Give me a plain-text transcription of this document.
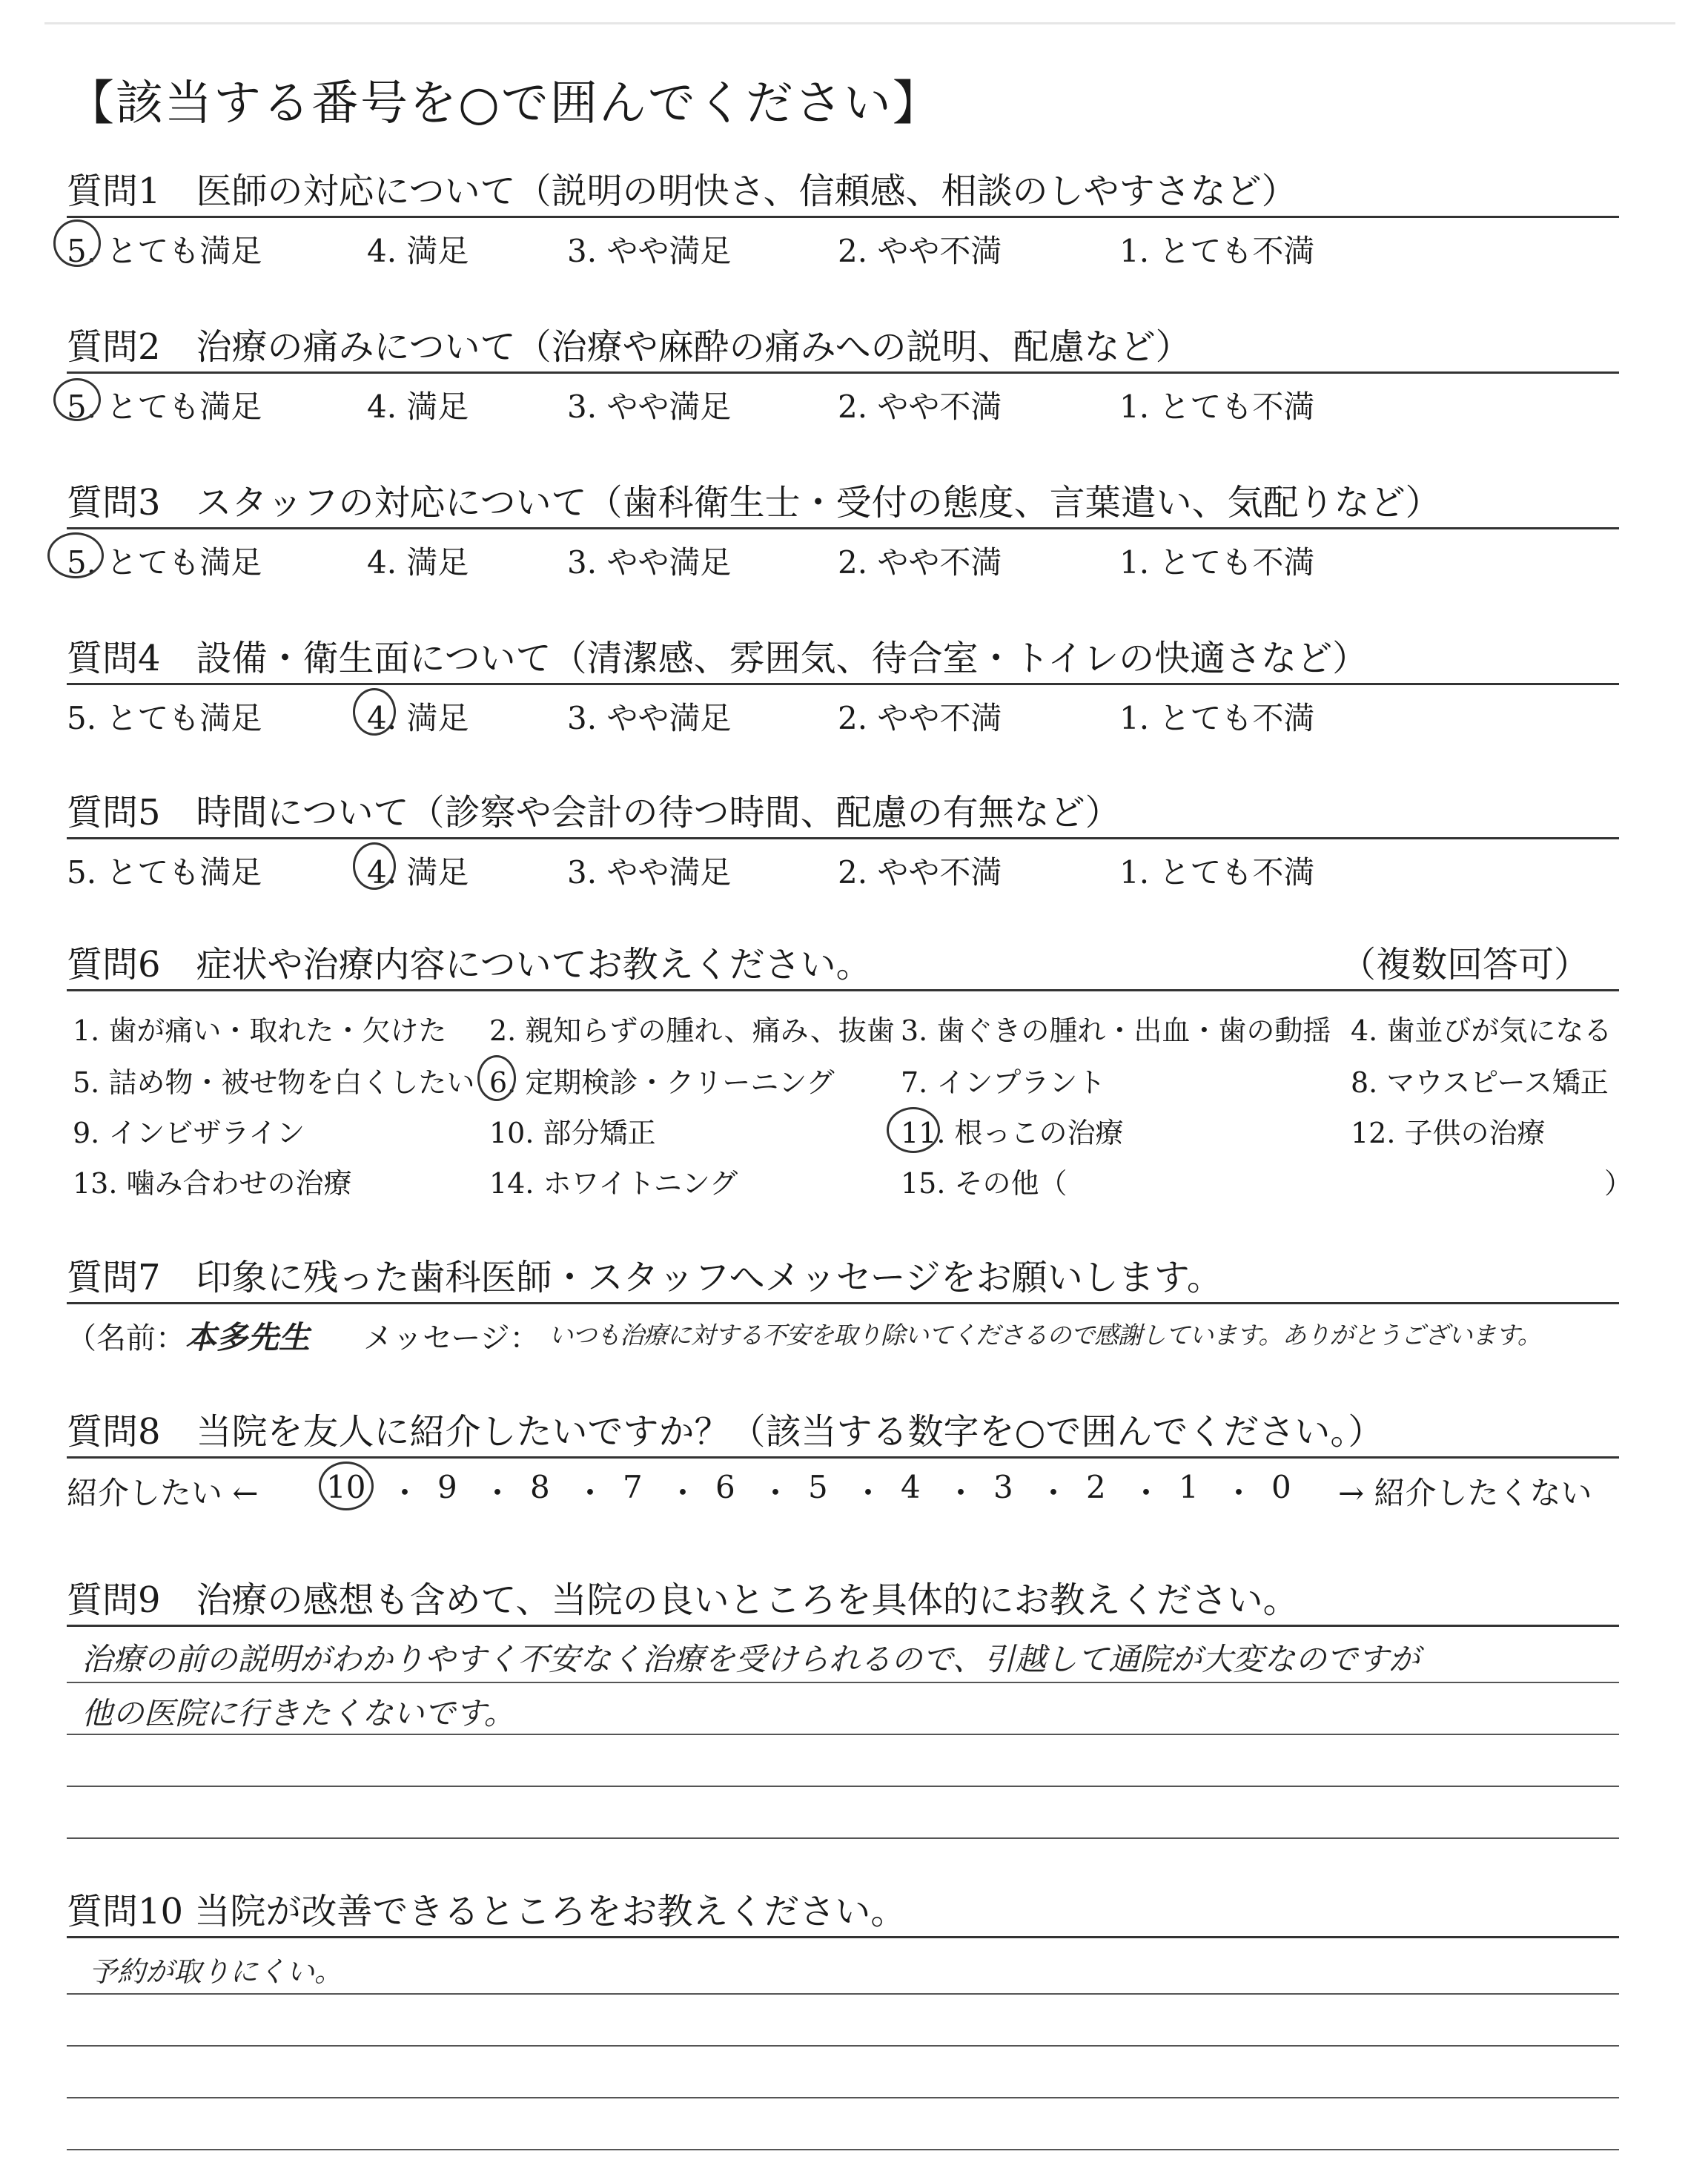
【該当する番号を○で囲んでください】
質問1　医師の対応について（説明の明快さ、信頼感、相談のしやすさなど）
5. とても満足	4. 満足	3. やや満足	2. やや不満	1. とても不満
質問2　治療の痛みについて（治療や麻酔の痛みへの説明、配慮など）
5. とても満足	4. 満足	3. やや満足	2. やや不満	1. とても不満
質問3　スタッフの対応について（歯科衛生士・受付の態度、言葉遣い、気配りなど）
5. とても満足	4. 満足	3. やや満足	2. やや不満	1. とても不満
質問4　設備・衛生面について（清潔感、雰囲気、待合室・トイレの快適さなど）
5. とても満足	4. 満足	3. やや満足	2. やや不満	1. とても不満
質問5　時間について（診察や会計の待つ時間、配慮の有無など）
5. とても満足	4. 満足	3. やや満足	2. やや不満	1. とても不満
質問6　症状や治療内容についてお教えください。	（複数回答可）
1. 歯が痛い・取れた・欠けた 2. 親知らずの腫れ、痛み、抜歯 3. 歯ぐきの腫れ・出血・歯の動揺 4. 歯並びが気になる
5. 詰め物・被せ物を白くしたい 6. 定期検診・クリーニング 7. インプラント	8. マウスピース矯正
9. インビザライン	10. 部分矯正	11. 根っこの治療	12. 子供の治療
13. 噛み合わせの治療	14. ホワイトニング	15. その他（	）
質問7　印象に残った歯科医師・スタッフへメッセージをお願いします。
（名前： 本多先生 メッセージ： いつも治療に対する不安を取り除いてくださるので感謝しています。ありがとうございます。
質問8　当院を友人に紹介したいですか？（該当する数字を○で囲んでください。）
紹介したい ← 10 ・ 9 ・ 8 ・ 7 ・ 6 ・ 5 ・ 4 ・ 3 ・ 2 ・ 1 ・ 0 → 紹介したくない
質問9　治療の感想も含めて、当院の良いところを具体的にお教えください。
治療の前の説明がわかりやすく不安なく治療を受けられるので、引越して通院が大変なのですが
他の医院に行きたくないです。
質問10 当院が改善できるところをお教えください。
予約が取りにくい。
